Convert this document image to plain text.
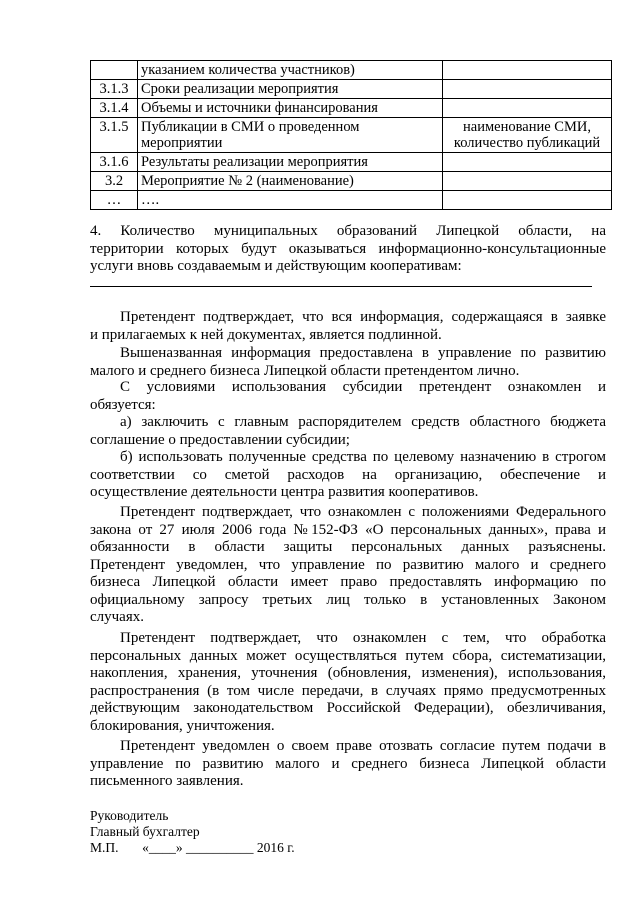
	указанием количества участников)	
3.1.3	Сроки реализации мероприятия	
3.1.4	Объемы и источники финансирования	
3.1.5	Публикации в СМИ о проведенном мероприятии	наименование СМИ, количество публикаций
3.1.6	Результаты реализации мероприятия	
3.2	Мероприятие № 2 (наименование)	
…	….	
4. Количество муниципальных образований Липецкой области, на
территории которых будут оказываться информационно-консультационные
услуги вновь создаваемым и действующим кооперативам:
Претендент подтверждает, что вся информация, содержащаяся в заявке
и прилагаемых к ней документах, является подлинной.
Вышеназванная информация предоставлена в управление по развитию
малого и среднего бизнеса Липецкой области претендентом лично.
С условиями использования субсидии претендент ознакомлен и
обязуется:
а) заключить с главным распорядителем средств областного бюджета
соглашение о предоставлении субсидии;
б) использовать полученные средства по целевому назначению в строгом
соответствии со сметой расходов на организацию, обеспечение и
осуществление деятельности центра развития кооперативов.
Претендент подтверждает, что ознакомлен с положениями Федерального
закона от 27 июля 2006 года №152-ФЗ «О персональных данных», права и
обязанности в области защиты персональных данных разъяснены.
Претендент уведомлен, что управление по развитию малого и среднего
бизнеса Липецкой области имеет право предоставлять информацию по
официальному запросу третьих лиц только в установленных Законом
случаях.
Претендент подтверждает, что ознакомлен с тем, что обработка
персональных данных может осуществляться путем сбора, систематизации,
накопления, хранения, уточнения (обновления, изменения), использования,
распространения (в том числе передачи, в случаях прямо предусмотренных
действующим законодательством Российской Федерации), обезличивания,
блокирования, уничтожения.
Претендент уведомлен о своем праве отозвать согласие путем подачи в
управление по развитию малого и среднего бизнеса Липецкой области
письменного заявления.
Руководитель
Главный бухгалтер
М.П.       «____» __________ 2016 г.
